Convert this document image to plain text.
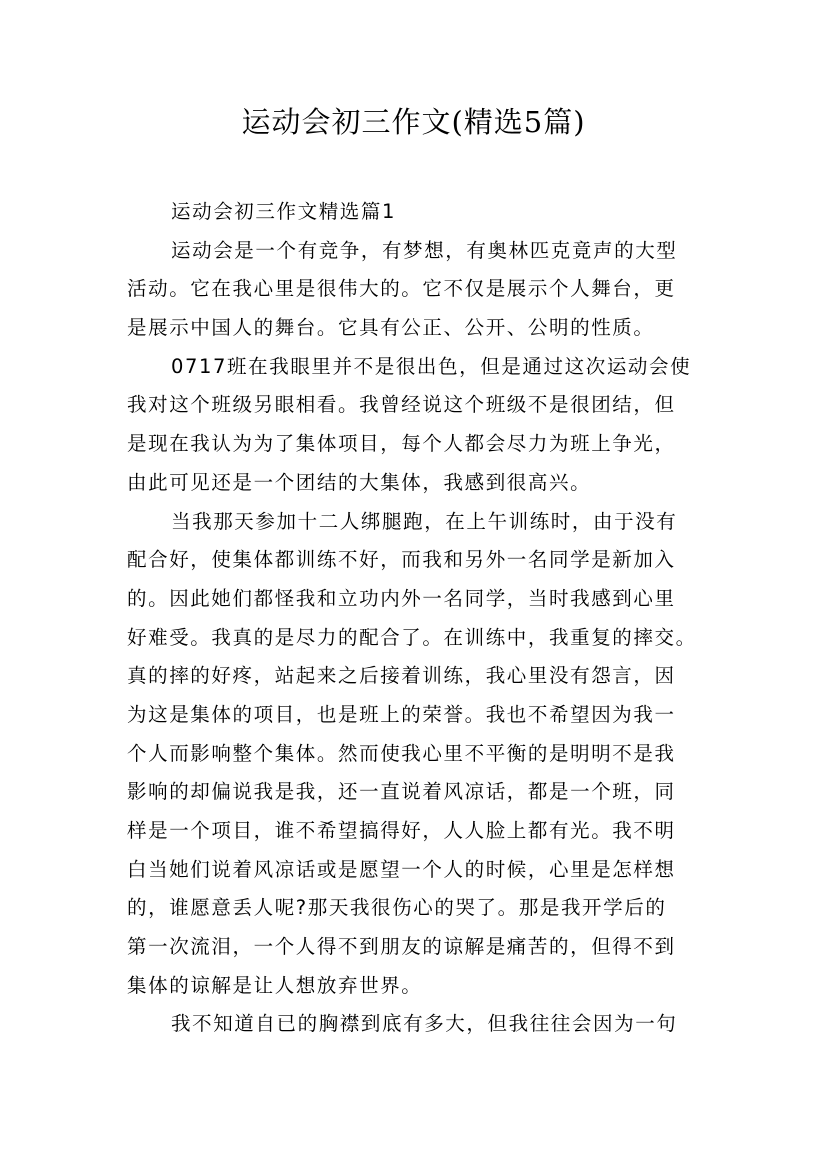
运动会初三作文(精选5篇)
运动会初三作文精选篇1
运动会是一个有竞争，有梦想，有奥林匹克竟声的大型
活动。它在我心里是很伟大的。它不仅是展示个人舞台，更
是展示中国人的舞台。它具有公正、公开、公明的性质。
0717班在我眼里并不是很出色，但是通过这次运动会使
我对这个班级另眼相看。我曾经说这个班级不是很团结，但
是现在我认为为了集体项目，每个人都会尽力为班上争光，
由此可见还是一个团结的大集体，我感到很高兴。
当我那天参加十二人绑腿跑，在上午训练时，由于没有
配合好，使集体都训练不好，而我和另外一名同学是新加入
的。因此她们都怪我和立功内外一名同学，当时我感到心里
好难受。我真的是尽力的配合了。在训练中，我重复的摔交。
真的摔的好疼，站起来之后接着训练，我心里没有怨言，因
为这是集体的项目，也是班上的荣誉。我也不希望因为我一
个人而影响整个集体。然而使我心里不平衡的是明明不是我
影响的却偏说我是我，还一直说着风凉话，都是一个班，同
样是一个项目，谁不希望搞得好，人人脸上都有光。我不明
白当她们说着风凉话或是愿望一个人的时候，心里是怎样想
的，谁愿意丢人呢?那天我很伤心的哭了。那是我开学后的
第一次流泪，一个人得不到朋友的谅解是痛苦的，但得不到
集体的谅解是让人想放弃世界。
我不知道自已的胸襟到底有多大，但我往往会因为一句
